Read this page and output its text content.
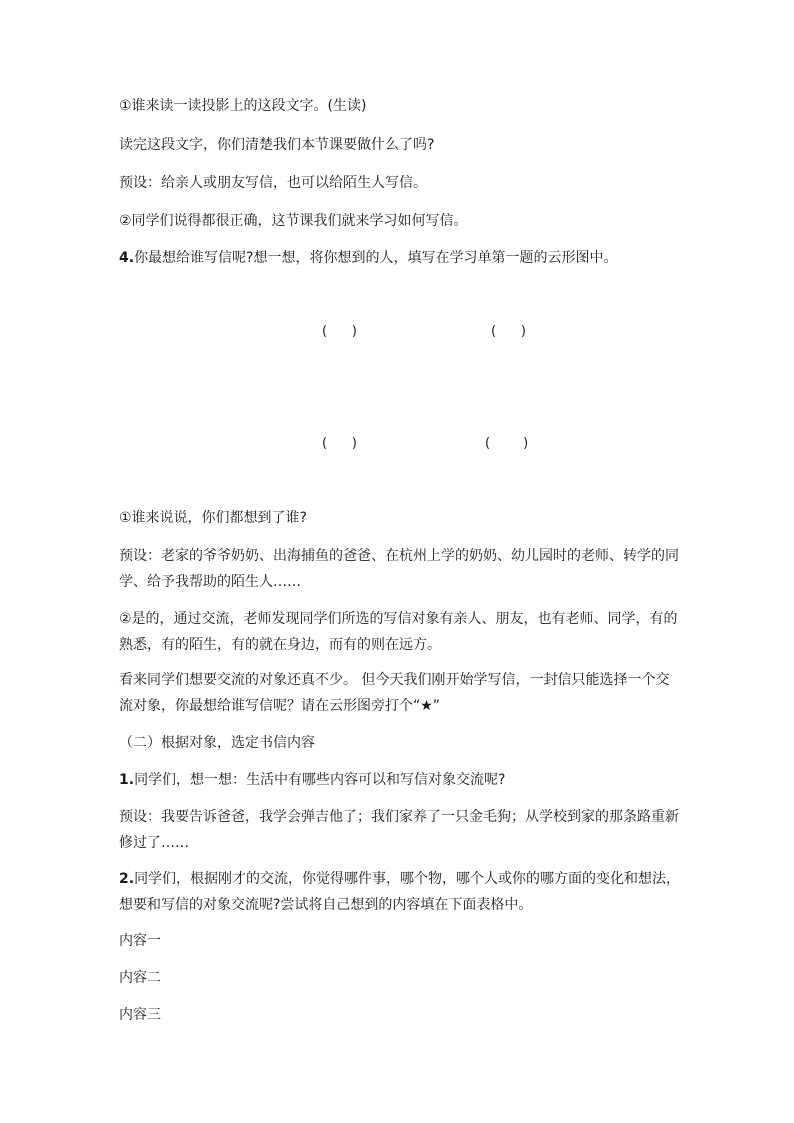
①谁来读一读投影上的这段文字。(生读)
读完这段文字，你们清楚我们本节课要做什么了吗?
预设：给亲人或朋友写信，也可以给陌生人写信。
②同学们说得都很正确，这节课我们就来学习如何写信。
4.你最想给谁写信呢?想一想，将你想到的人，填写在学习单第一题的云形图中。
(      )	(      )
(      )	(        )
①谁来说说，你们都想到了谁?
预设：老家的爷爷奶奶、出海捕鱼的爸爸、在杭州上学的奶奶、幼儿园时的老师、转学的同
学、给予我帮助的陌生人……
②是的，通过交流，老师发现同学们所选的写信对象有亲人、朋友，也有老师、同学，有的
熟悉，有的陌生，有的就在身边，而有的则在远方。
看来同学们想要交流的对象还真不少。 但今天我们刚开始学写信，一封信只能选择一个交
流对象，你最想给谁写信呢？请在云形图旁打个“★”
（二）根据对象，选定书信内容
1.同学们，想一想：生活中有哪些内容可以和写信对象交流呢?
预设：我要告诉爸爸，我学会弹吉他了；我们家养了一只金毛狗；从学校到家的那条路重新
修过了……
2.同学们，根据刚才的交流，你觉得哪件事，哪个物，哪个人或你的哪方面的变化和想法，
想要和写信的对象交流呢?尝试将自己想到的内容填在下面表格中。
内容一
内容二
内容三
